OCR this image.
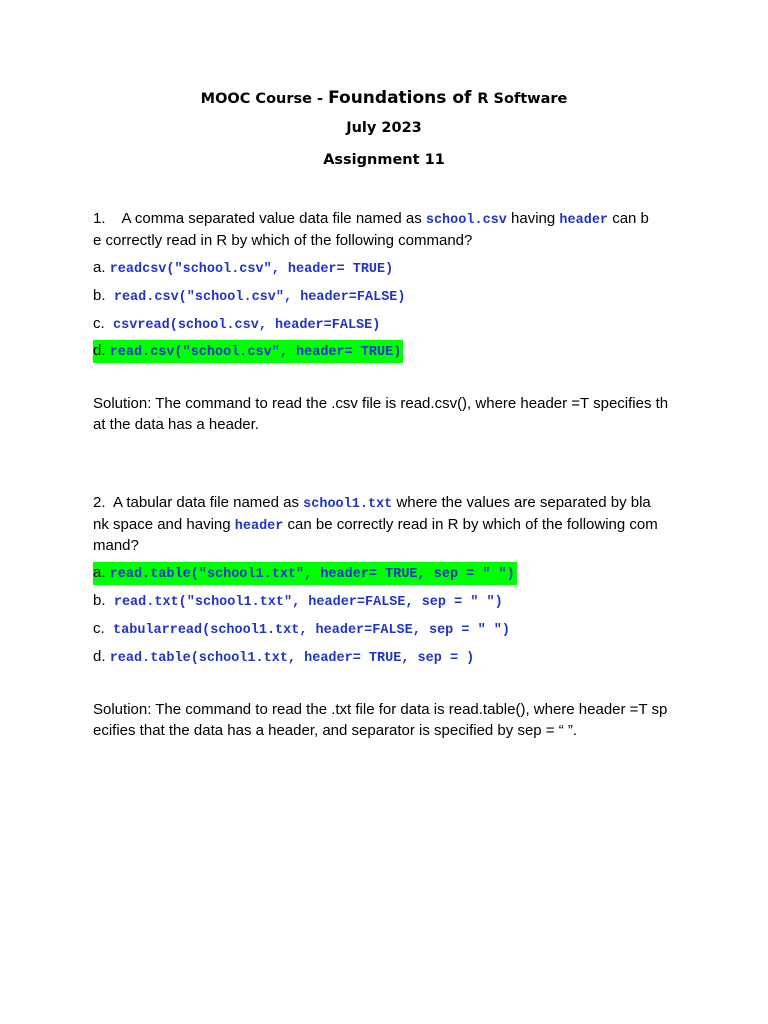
MOOC Course - Foundations of R Software
July 2023
Assignment 11
1. A comma separated value data file named as school.csv having header can b
e correctly read in R by which of the following command?
a. readcsv("school.csv", header= TRUE)
b. read.csv("school.csv", header=FALSE)
c. csvread(school.csv, header=FALSE)
d. read.csv("school.csv", header= TRUE)
Solution: The command to read the .csv file is read.csv(), where header =T specifies th
at the data has a header.
2. A tabular data file named as school1.txt where the values are separated by bla
nk space and having header can be correctly read in R by which of the following com
mand?
a. read.table("school1.txt", header= TRUE, sep = " ")
b. read.txt("school1.txt", header=FALSE, sep = " ")
c. tabularread(school1.txt, header=FALSE, sep = " ")
d. read.table(school1.txt, header= TRUE, sep = )
Solution: The command to read the .txt file for data is read.table(), where header =T sp
ecifies that the data has a header, and separator is specified by sep = “ ”.
